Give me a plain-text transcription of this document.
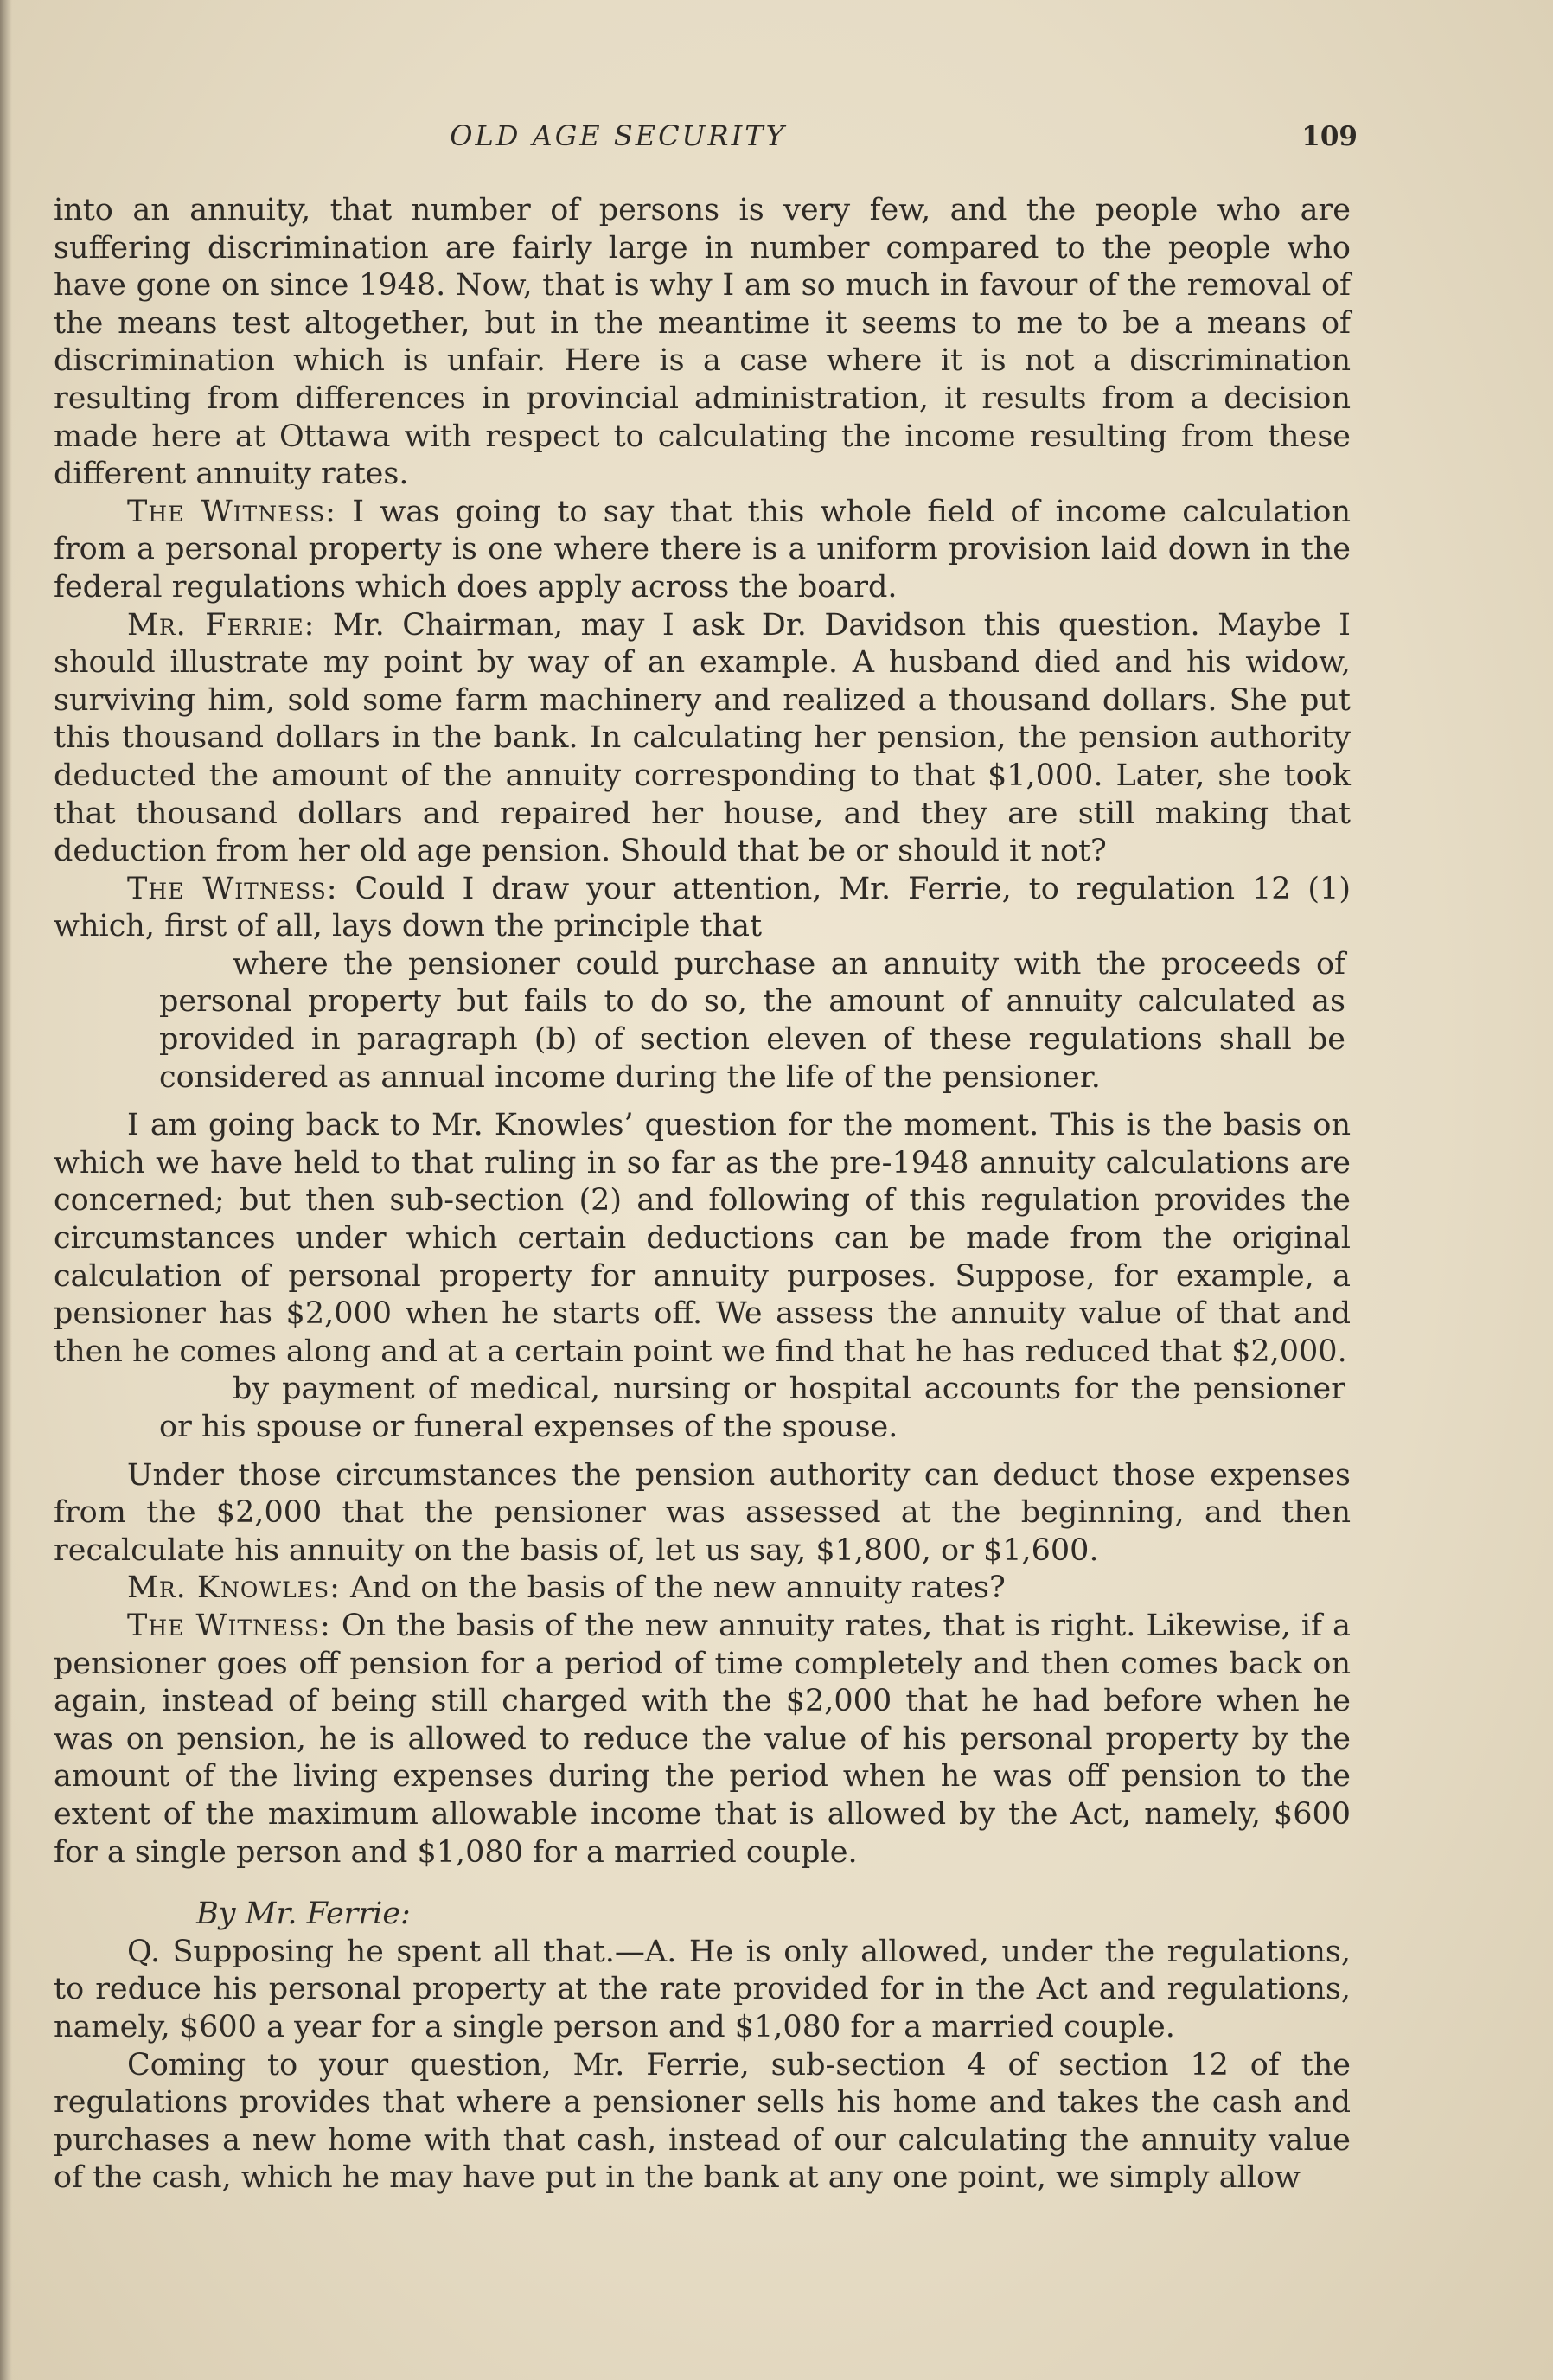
OLD AGE SECURITY	109

into an annuity, that number of persons is very few, and the people who are suffering discrimination are fairly large in number compared to the people who have gone on since 1948. Now, that is why I am so much in favour of the removal of the means test altogether, but in the meantime it seems to me to be a means of discrimination which is unfair. Here is a case where it is not a discrimination resulting from differences in provincial administration, it results from a decision made here at Ottawa with respect to calculating the income resulting from these different annuity rates.

The Witness: I was going to say that this whole field of income calculation from a personal property is one where there is a uniform provision laid down in the federal regulations which does apply across the board.

Mr. Ferrie: Mr. Chairman, may I ask Dr. Davidson this question. Maybe I should illustrate my point by way of an example. A husband died and his widow, surviving him, sold some farm machinery and realized a thousand dollars. She put this thousand dollars in the bank. In calculating her pension, the pension authority deducted the amount of the annuity corresponding to that $1,000. Later, she took that thousand dollars and repaired her house, and they are still making that deduction from her old age pension. Should that be or should it not?

The Witness: Could I draw your attention, Mr. Ferrie, to regulation 12 (1) which, first of all, lays down the principle that

where the pensioner could purchase an annuity with the proceeds of personal property but fails to do so, the amount of annuity calculated as provided in paragraph (b) of section eleven of these regulations shall be considered as annual income during the life of the pensioner.

I am going back to Mr. Knowles’ question for the moment. This is the basis on which we have held to that ruling in so far as the pre-1948 annuity calculations are concerned; but then sub-section (2) and following of this regulation provides the circumstances under which certain deductions can be made from the original calculation of personal property for annuity purposes. Suppose, for example, a pensioner has $2,000 when he starts off. We assess the annuity value of that and then he comes along and at a certain point we find that he has reduced that $2,000.

by payment of medical, nursing or hospital accounts for the pensioner or his spouse or funeral expenses of the spouse.

Under those circumstances the pension authority can deduct those expenses from the $2,000 that the pensioner was assessed at the beginning, and then recalculate his annuity on the basis of, let us say, $1,800, or $1,600.

Mr. Knowles: And on the basis of the new annuity rates?

The Witness: On the basis of the new annuity rates, that is right. Likewise, if a pensioner goes off pension for a period of time completely and then comes back on again, instead of being still charged with the $2,000 that he had before when he was on pension, he is allowed to reduce the value of his personal property by the amount of the living expenses during the period when he was off pension to the extent of the maximum allowable income that is allowed by the Act, namely, $600 for a single person and $1,080 for a married couple.

By Mr. Ferrie:

Q. Supposing he spent all that.—A. He is only allowed, under the regulations, to reduce his personal property at the rate provided for in the Act and regulations, namely, $600 a year for a single person and $1,080 for a married couple.

Coming to your question, Mr. Ferrie, sub-section 4 of section 12 of the regulations provides that where a pensioner sells his home and takes the cash and purchases a new home with that cash, instead of our calculating the annuity value of the cash, which he may have put in the bank at any one point, we simply allow
